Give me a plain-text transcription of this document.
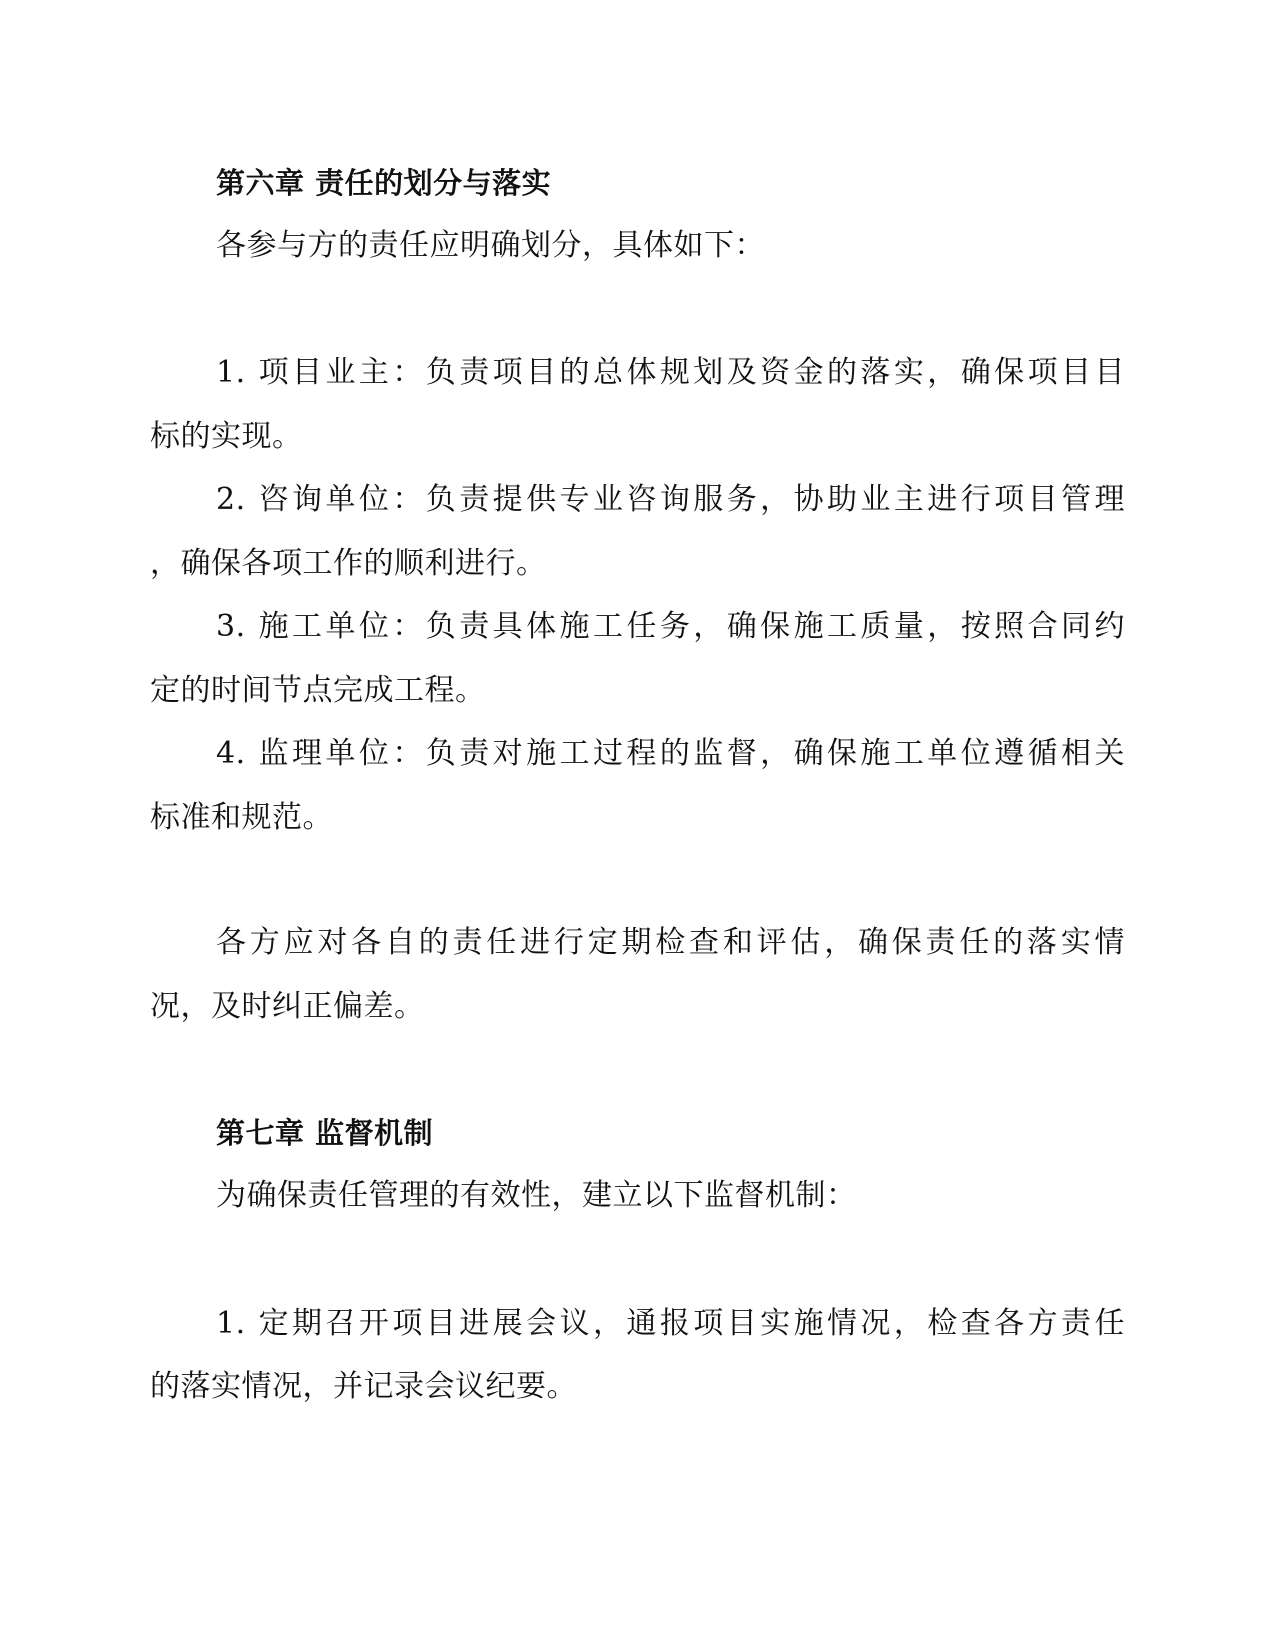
第六章 责任的划分与落实
各参与方的责任应明确划分，具体如下：
1. 项目业主：负责项目的总体规划及资金的落实，确保项目目
标的实现。
2. 咨询单位：负责提供专业咨询服务，协助业主进行项目管理
，确保各项工作的顺利进行。
3. 施工单位：负责具体施工任务，确保施工质量，按照合同约
定的时间节点完成工程。
4. 监理单位：负责对施工过程的监督，确保施工单位遵循相关
标准和规范。
各方应对各自的责任进行定期检查和评估，确保责任的落实情
况，及时纠正偏差。
第七章 监督机制
为确保责任管理的有效性，建立以下监督机制：
1. 定期召开项目进展会议，通报项目实施情况，检查各方责任
的落实情况，并记录会议纪要。
